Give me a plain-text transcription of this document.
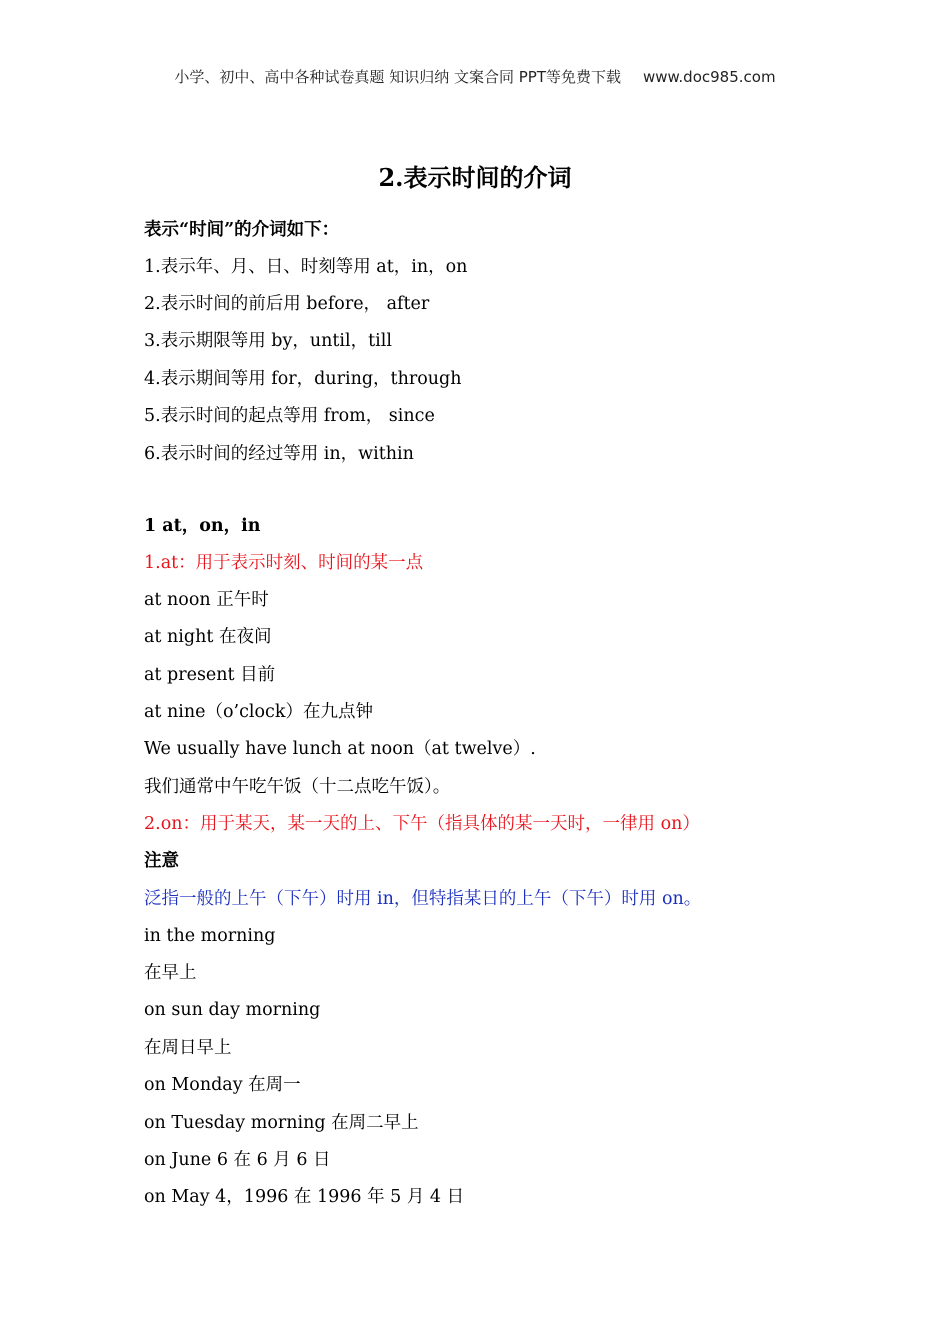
小学、初中、高中各种试卷真题 知识归纳 文案合同 PPT等免费下载 www.doc985.com
2.表示时间的介词
表示“时间”的介词如下：
1.表示年、月、日、时刻等用 at，in，on
2.表示时间的前后用 before， after
3.表示期限等用 by，until，till
4.表示期间等用 for，during，through
5.表示时间的起点等用 from， since
6.表示时间的经过等用 in，within
1 at，on，in
1.at：用于表示时刻、时间的某一点
at noon 正午时
at night 在夜间
at present 目前
at nine（o’clock）在九点钟
We usually have lunch at noon（at twelve）.
我们通常中午吃午饭（十二点吃午饭）。
2.on：用于某天，某一天的上、下午（指具体的某一天时，一律用 on）
注意
泛指一般的上午（下午）时用 in，但特指某日的上午（下午）时用 on。
in the morning
在早上
on sun day morning
在周日早上
on Monday 在周一
on Tuesday morning 在周二早上
on June 6 在 6 月 6 日
on May 4，1996 在 1996 年 5 月 4 日
